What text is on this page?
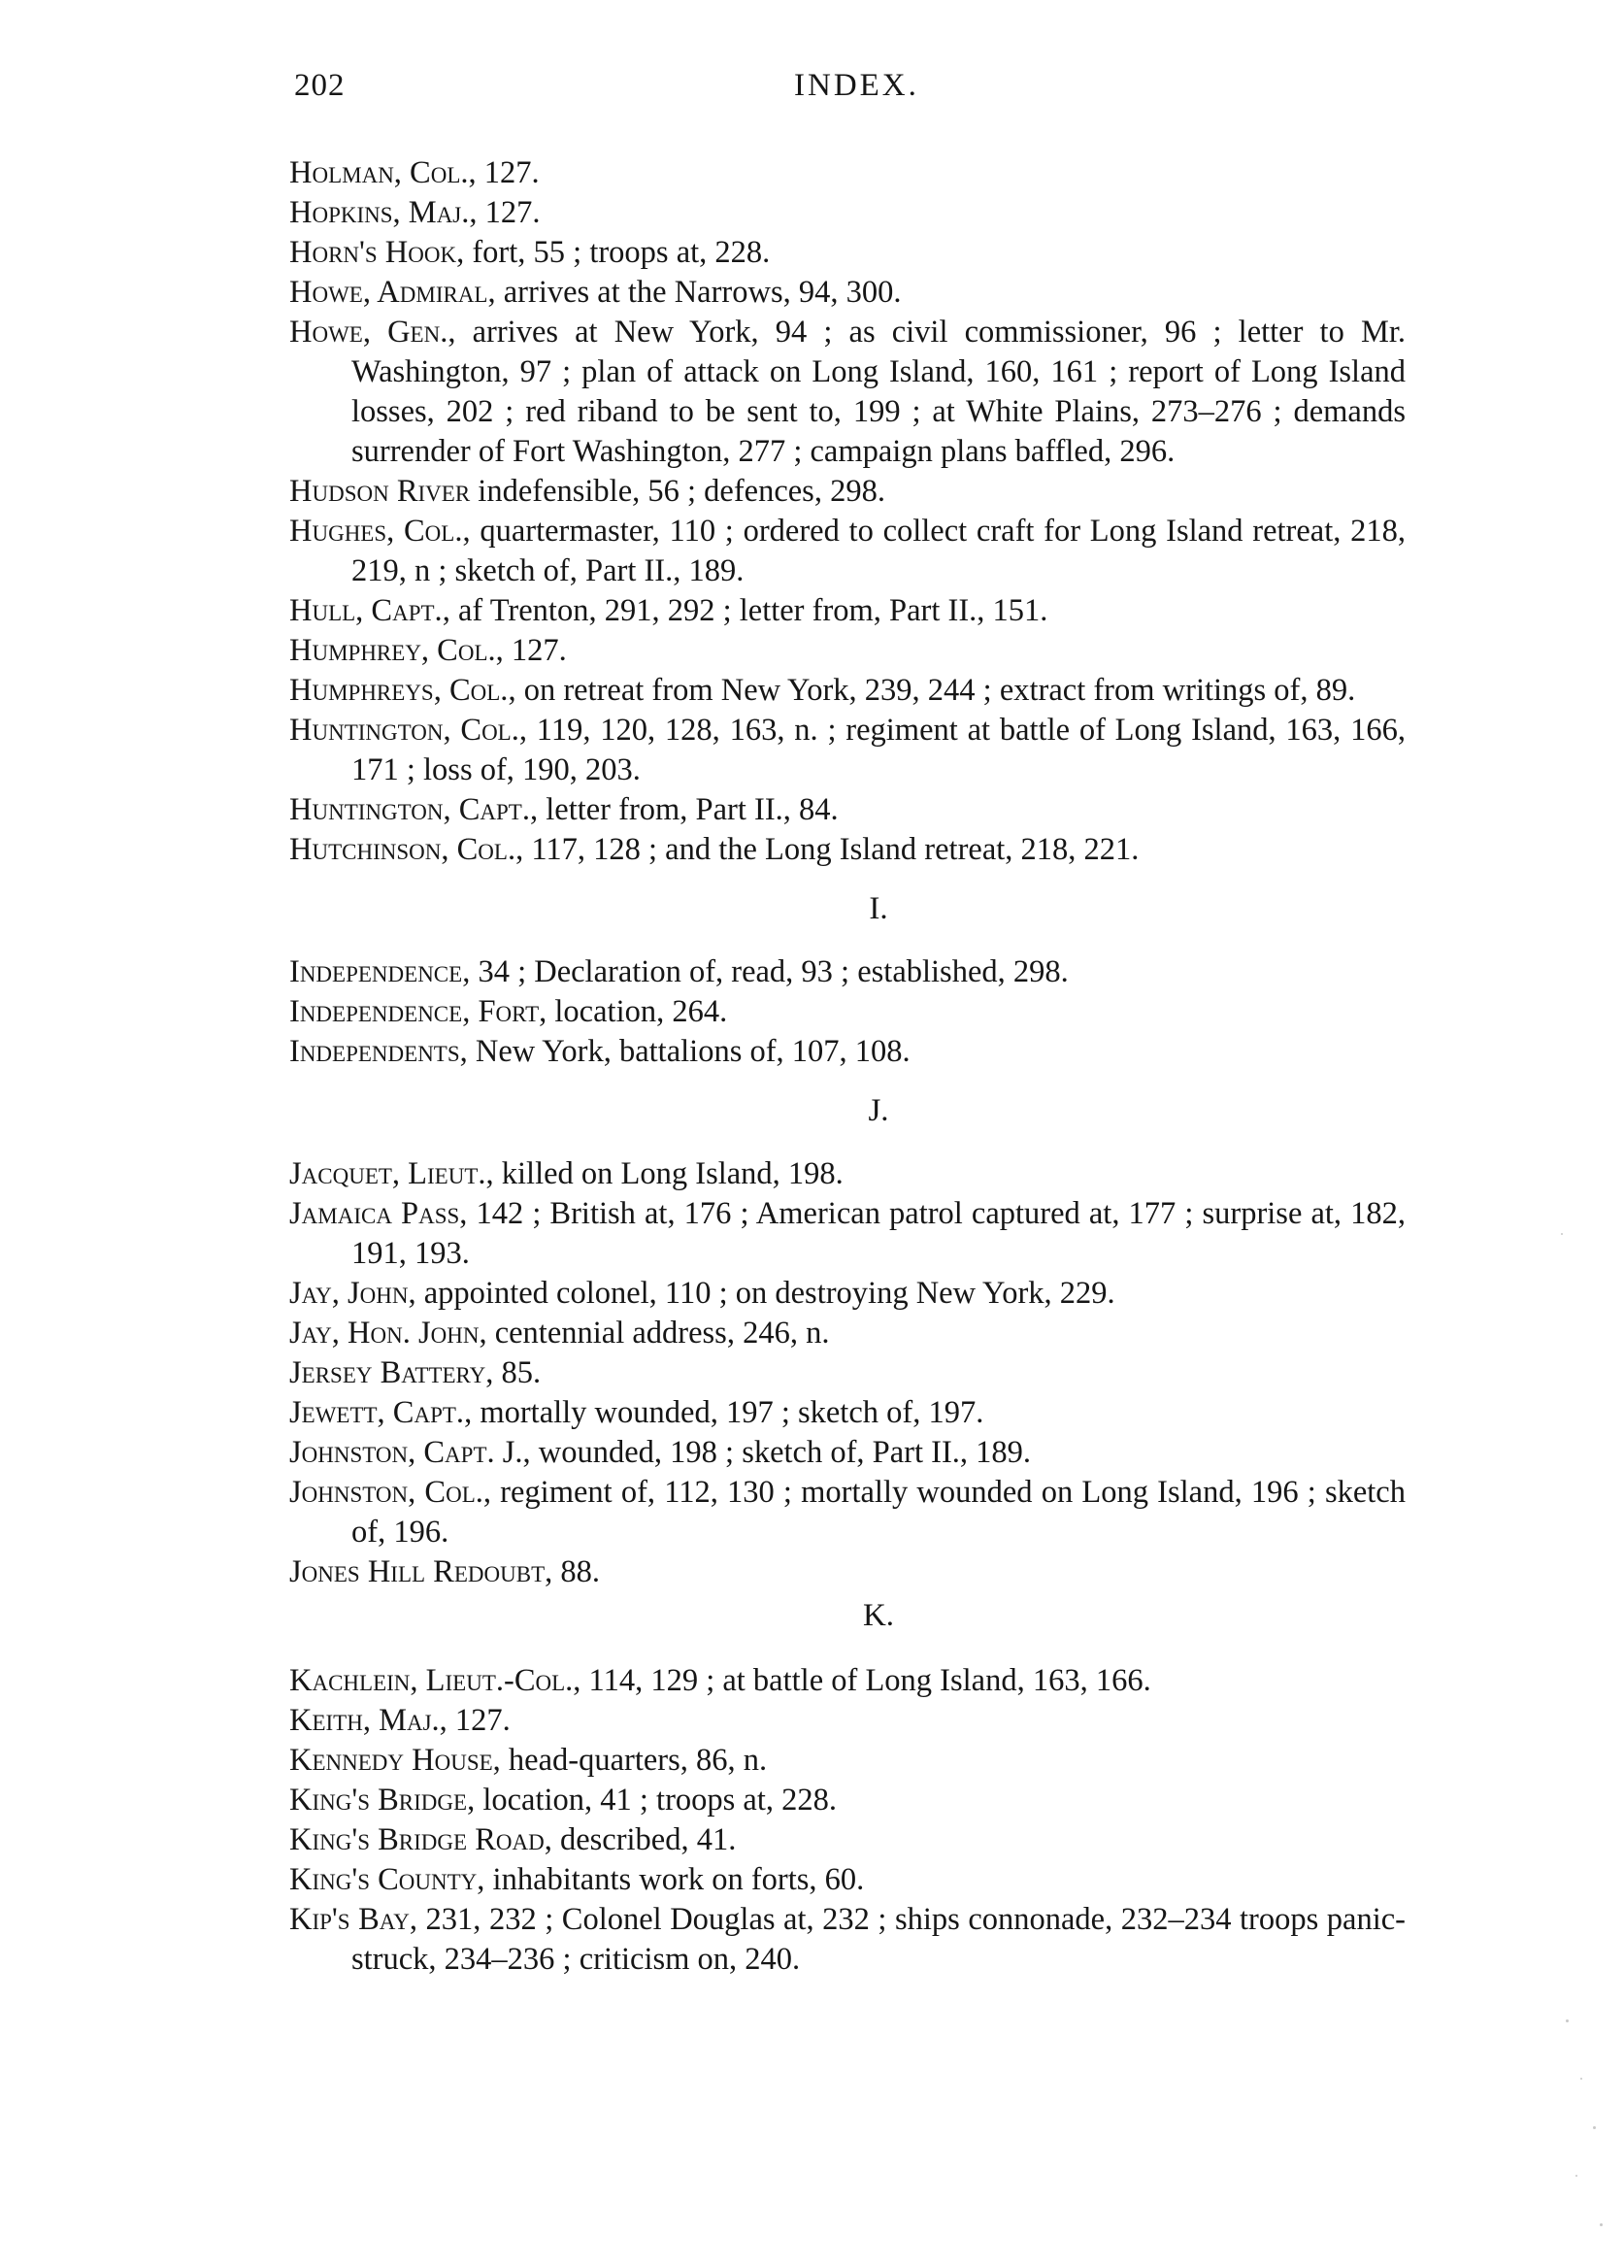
202	INDEX.

Holman, Col., 127.

Hopkins, Maj., 127.

Horn's Hook, fort, 55 ; troops at, 228.

Howe, Admiral, arrives at the Narrows, 94, 300.

Howe, Gen., arrives at New York, 94 ; as civil commissioner, 96 ; letter to Mr. Washington, 97 ; plan of attack on Long Island, 160, 161 ; report of Long Island losses, 202 ; red riband to be sent to, 199 ; at White Plains, 273–276 ; demands surrender of Fort Washington, 277 ; campaign plans baffled, 296.

Hudson River indefensible, 56 ; defences, 298.

Hughes, Col., quartermaster, 110 ; ordered to collect craft for Long Island retreat, 218, 219, n ; sketch of, Part II., 189.

Hull, Capt., af Trenton, 291, 292 ; letter from, Part II., 151.

Humphrey, Col., 127.

Humphreys, Col., on retreat from New York, 239, 244 ; extract from writings of, 89.

Huntington, Col., 119, 120, 128, 163, n. ; regiment at battle of Long Island, 163, 166, 171 ; loss of, 190, 203.

Huntington, Capt., letter from, Part II., 84.

Hutchinson, Col., 117, 128 ; and the Long Island retreat, 218, 221.

I.

Independence, 34 ; Declaration of, read, 93 ; established, 298.

Independence, Fort, location, 264.

Independents, New York, battalions of, 107, 108.

J.

Jacquet, Lieut., killed on Long Island, 198.

Jamaica Pass, 142 ; British at, 176 ; American patrol captured at, 177 ; surprise at, 182, 191, 193.

Jay, John, appointed colonel, 110 ; on destroying New York, 229.

Jay, Hon. John, centennial address, 246, n.

Jersey Battery, 85.

Jewett, Capt., mortally wounded, 197 ; sketch of, 197.

Johnston, Capt. J., wounded, 198 ; sketch of, Part II., 189.

Johnston, Col., regiment of, 112, 130 ; mortally wounded on Long Island, 196 ; sketch of, 196.

Jones Hill Redoubt, 88.

K.

Kachlein, Lieut.-Col., 114, 129 ; at battle of Long Island, 163, 166.

Keith, Maj., 127.

Kennedy House, head-quarters, 86, n.

King's Bridge, location, 41 ; troops at, 228.

King's Bridge Road, described, 41.

King's County, inhabitants work on forts, 60.

Kip's Bay, 231, 232 ; Colonel Douglas at, 232 ; ships connonade, 232–234 troops panic-struck, 234–236 ; criticism on, 240.
